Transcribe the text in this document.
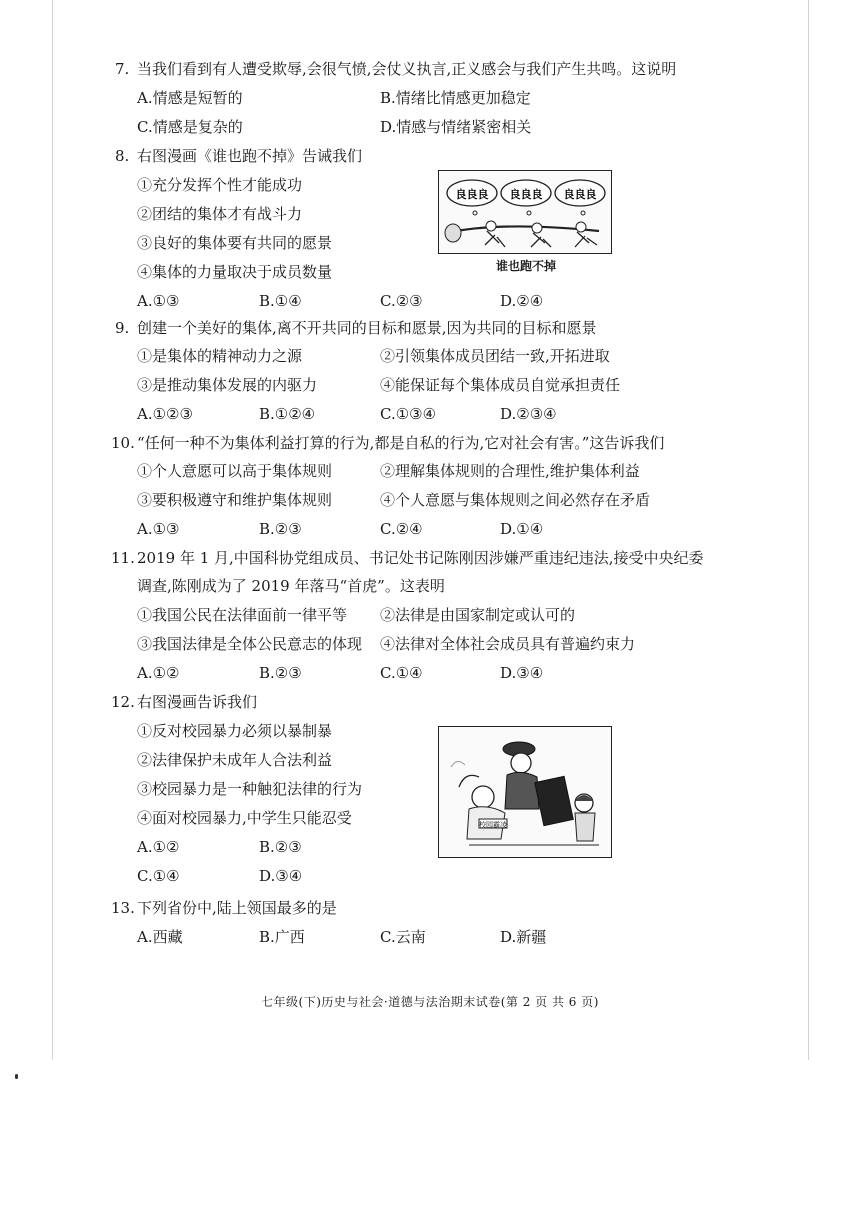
7. 当我们看到有人遭受欺辱,会很气愤,会仗义执言,正义感会与我们产生共鸣。这说明
A.情感是短暂的	B.情绪比情感更加稳定
C.情感是复杂的	D.情感与情绪紧密相关
8. 右图漫画《谁也跑不掉》告诫我们
①充分发挥个性才能成功
②团结的集体才有战斗力
③良好的集体要有共同的愿景
④集体的力量取决于成员数量
A.①③	B.①④	C.②③	D.②④
良良良 良良良 良良良
谁也跑不掉
9. 创建一个美好的集体,离不开共同的目标和愿景,因为共同的目标和愿景
①是集体的精神动力之源	②引领集体成员团结一致,开拓进取
③是推动集体发展的内驱力	④能保证每个集体成员自觉承担责任
A.①②③	B.①②④	C.①③④	D.②③④
10. “任何一种不为集体利益打算的行为,都是自私的行为,它对社会有害。”这告诉我们
①个人意愿可以高于集体规则	②理解集体规则的合理性,维护集体利益
③要积极遵守和维护集体规则	④个人意愿与集体规则之间必然存在矛盾
A.①③	B.②③	C.②④	D.①④
11. 2019 年 1 月,中国科协党组成员、书记处书记陈刚因涉嫌严重违纪违法,接受中央纪委
调查,陈刚成为了 2019 年落马“首虎”。这表明
①我国公民在法律面前一律平等 ②法律是由国家制定或认可的
③我国法律是全体公民意志的体现 ④法律对全体社会成员具有普遍约束力
A.①②	B.②③	C.①④	D.③④
12. 右图漫画告诉我们
①反对校园暴力必须以暴制暴
②法律保护未成年人合法利益
③校园暴力是一种触犯法律的行为
④面对校园暴力,中学生只能忍受
A.①②	B.②③
C.①④	D.③④
校园霸凌
13. 下列省份中,陆上领国最多的是
A.西藏	B.广西	C.云南	D.新疆
七年级(下)历史与社会·道德与法治期末试卷(第 2 页 共 6 页)
